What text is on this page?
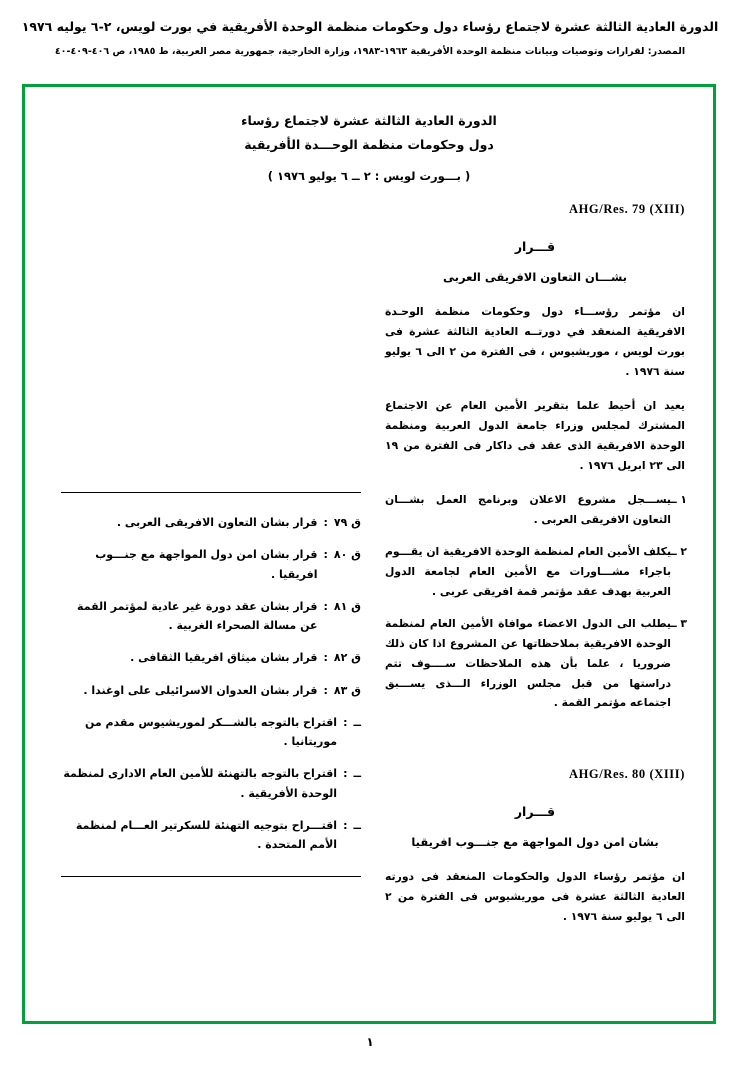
الدورة العادية الثالثة عشرة لاجتماع رؤساء دول وحكومات منظمة الوحدة الأفريقية في بورت لويس، ٢-٦ يوليه ١٩٧٦
المصدر: لقرارات وتوصيات وبيانات منظمة الوحدة الأفريقية ١٩٦٣-١٩٨٣، وزارة الخارجية، جمهورية مصر العربية، ط ١٩٨٥، ص ٤٠٦-٤٠٩-٤٠
الدورة العادية الثالثة عشرة لاجتماع رؤساء
دول وحكومات منظمة الوحـــدة الأفريقية
( بـــورت لويس : ٢ ــ ٦ يوليو ١٩٧٦ )
AHG/Res. 79 (XIII)
قـــرار
بشـــان التعاون الافريقى العربى
ان مؤتمر رؤســـاء دول وحكومات منظمة الوحـدة الافريقية المنعقد في دورتــه العادية الثالثة عشرة فى بورت لويس ، موريشيوس ، فى الفترة من ٢ الى ٦ يوليو سنة ١٩٧٦ .
يعيد ان أحيط علما بتقرير الأمين العام عن الاجتماع المشترك لمجلس وزراء جامعة الدول العربية ومنظمة الوحدة الافريقية الذى عقد فى داكار فى الفترة من ١٩ الى ٢٣ ابريل ١٩٧٦ .
١ ــ
يســـجل مشروع الاعلان وبرنامج العمل بشـــان التعاون الافريقى العربى .
٢ ــ
يكلف الأمين العام لمنظمة الوحدة الافريقية ان يقـــوم باجراء مشـــاورات مع الأمين العام لجامعة الدول العربية بهدف عقد مؤتمر قمة افريقى عربى .
٣ ــ
يطلب الى الدول الاعضاء موافاة الأمين العام لمنظمة الوحدة الافريقية بملاحظاتها عن المشروع اذا كان ذلك ضروريا ، علما بأن هذه الملاحظات ســــوف تتم دراستها من قبل مجلس الوزراء الـــذى يســـبق اجتماعه مؤتمر القمة .
AHG/Res. 80 (XIII)
قـــرار
بشان امن دول المواجهة مع جنـــوب افريقيا
ان مؤتمر رؤساء الدول والحكومات المنعقد فى دورته العادية الثالثة عشرة فى موريشيوس فى الفترة من ٢ الى ٦ يوليو سنة ١٩٧٦ .
ق ٧٩
:
قرار بشان التعاون الافريقى العربى .
ق ٨٠
:
قرار بشان امن دول المواجهة مع جنـــوب افريقيا .
ق ٨١
:
قرار بشان عقد دورة غير عادية لمؤتمر القمة عن مسالة الصحراء الغربية .
ق ٨٢
:
قرار بشان ميثاق افريقيا الثقافى .
ق ٨٣
:
قرار بشان العدوان الاسرائيلى على اوغندا .
ــ
:
اقتراح بالتوجه بالشـــكر لموريشيوس مقدم من موريتانيا .
ــ
:
اقتراح بالتوجه بالتهنئة للأمين العام الادارى لمنظمة الوحدة الأفريقية .
ــ
:
اقتـــراح بتوجيه التهنئة للسكرتير العـــام لمنظمة الأمم المتحدة .
١
